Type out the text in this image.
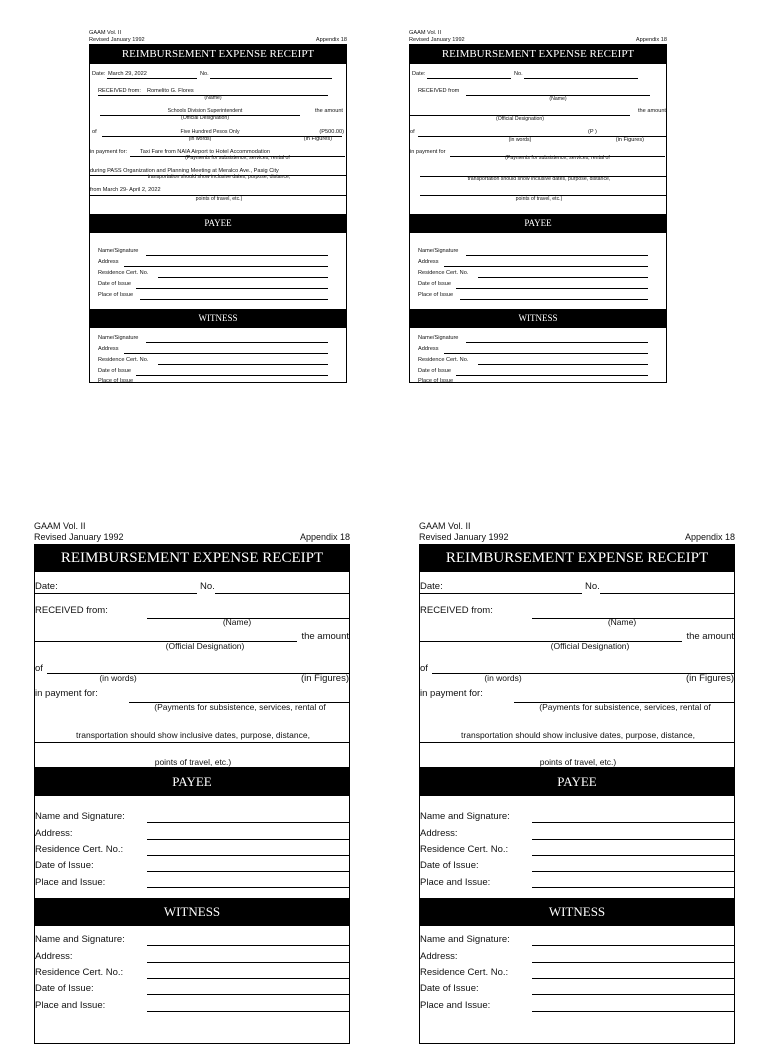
GAAM Vol. II
Revised January 1992	Appendix 18
REIMBURSEMENT EXPENSE RECEIPT
Date: March 29, 2022	No.
RECEIVED from: Romelito G. Flores
(Name)
Schools Division Superintendent
(Official Designation)
the amount
of	Five Hundred Pesos Only	(P500.00)
(in words)	(in Figures)
in payment for: Taxi Fare from NAIA Airport to Hotel Accommodation
(Payments for subsistence, services, rental of
during PASS Organization and Planning Meeting at Meralco Ave., Pasig City
transportation should show inclusive dates, purpose, distance,
from March 29- April 2, 2022
points of travel, etc.)
PAYEE
Name/Signature
Address
Residence Cert. No.
Date of Issue
Place of Issue
WITNESS
Name/Signature
Address
Residence Cert. No.
Date of Issue
Place of Issue
GAAM Vol. II
Revised January 1992	Appendix 18
REIMBURSEMENT EXPENSE RECEIPT
Date:	No.
RECEIVED from
(Name)
(Official Designation)
the amount
of	(P )
(in words)	(in Figures)
in payment for
(Payments for subsistence, services, rental of
transportation should show inclusive dates, purpose, distance,
points of travel, etc.)
PAYEE
Name/Signature
Address
Residence Cert. No.
Date of Issue
Place of Issue
WITNESS
Name/Signature
Address
Residence Cert. No.
Date of Issue
Place of Issue
GAAM Vol. II
Revised January 1992	Appendix 18
REIMBURSEMENT EXPENSE RECEIPT
Date:	No.
RECEIVED from:
(Name)
(Official Designation)
the amount
of
(in words)	(in Figures)
in payment for:
(Payments for subsistence, services, rental of
transportation should show inclusive dates, purpose, distance,
points of travel, etc.)
PAYEE
Name and Signature:
Address:
Residence Cert. No.:
Date of Issue:
Place and Issue:
WITNESS
Name and Signature:
Address:
Residence Cert. No.:
Date of Issue:
Place and Issue:
GAAM Vol. II
Revised January 1992	Appendix 18
REIMBURSEMENT EXPENSE RECEIPT
Date:	No.
RECEIVED from:
(Name)
(Official Designation)
the amount
of
(in words)	(in Figures)
in payment for:
(Payments for subsistence, services, rental of
transportation should show inclusive dates, purpose, distance,
points of travel, etc.)
PAYEE
Name and Signature:
Address:
Residence Cert. No.:
Date of Issue:
Place and Issue:
WITNESS
Name and Signature:
Address:
Residence Cert. No.:
Date of Issue:
Place and Issue:
